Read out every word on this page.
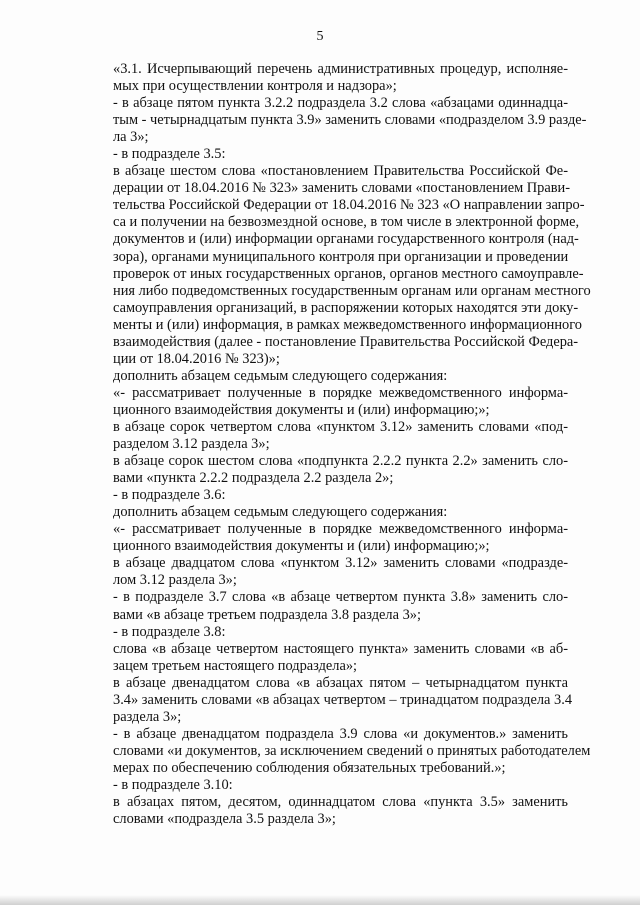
5

«3.1. Исчерпывающий перечень административных процедур, исполняе-
мых при осуществлении контроля и надзора»;

- в абзаце пятом пункта 3.2.2 подраздела 3.2 слова «абзацами одиннадца-
тым - четырнадцатым пункта 3.9» заменить словами «подразделом 3.9 разде-
ла 3»;

- в подразделе 3.5:

в абзаце шестом слова «постановлением Правительства Российской Фе-
дерации от 18.04.2016 № 323» заменить словами «постановлением Прави-
тельства Российской Федерации от 18.04.2016 № 323 «О направлении запро-
са и получении на безвозмездной основе, в том числе в электронной форме,
документов и (или) информации органами государственного контроля (над-
зора), органами муниципального контроля при организации и проведении
проверок от иных государственных органов, органов местного самоуправле-
ния либо подведомственных государственным органам или органам местного
самоуправления организаций, в распоряжении которых находятся эти доку-
менты и (или) информация, в рамках межведомственного информационного
взаимодействия (далее - постановление Правительства Российской Федера-
ции от 18.04.2016 № 323)»;

дополнить абзацем седьмым следующего содержания:

«- рассматривает полученные в порядке межведомственного информа-
ционного взаимодействия документы и (или) информацию;»;

в абзаце сорок четвертом слова «пунктом 3.12» заменить словами «под-
разделом 3.12 раздела 3»;

в абзаце сорок шестом слова «подпункта 2.2.2 пункта 2.2» заменить сло-
вами «пункта 2.2.2 подраздела 2.2 раздела 2»;

- в подразделе 3.6:

дополнить абзацем седьмым следующего содержания:

«- рассматривает полученные в порядке межведомственного информа-
ционного взаимодействия документы и (или) информацию;»;

в абзаце двадцатом слова «пунктом 3.12» заменить словами «подразде-
лом 3.12 раздела 3»;

- в подразделе 3.7 слова «в абзаце четвертом пункта 3.8» заменить сло-
вами «в абзаце третьем подраздела 3.8 раздела 3»;

- в подразделе 3.8:

слова «в абзаце четвертом настоящего пункта» заменить словами «в аб-
зацем третьем настоящего подраздела»;

в абзаце двенадцатом слова «в абзацах пятом – четырнадцатом пункта
3.4» заменить словами «в абзацах четвертом – тринадцатом подраздела 3.4
раздела 3»;

- в абзаце двенадцатом подраздела 3.9 слова «и документов.» заменить
словами «и документов, за исключением сведений о принятых работодателем
мерах по обеспечению соблюдения обязательных требований.»;

- в подразделе 3.10:

в абзацах пятом, десятом, одиннадцатом слова «пункта 3.5» заменить
словами «подраздела 3.5 раздела 3»;
